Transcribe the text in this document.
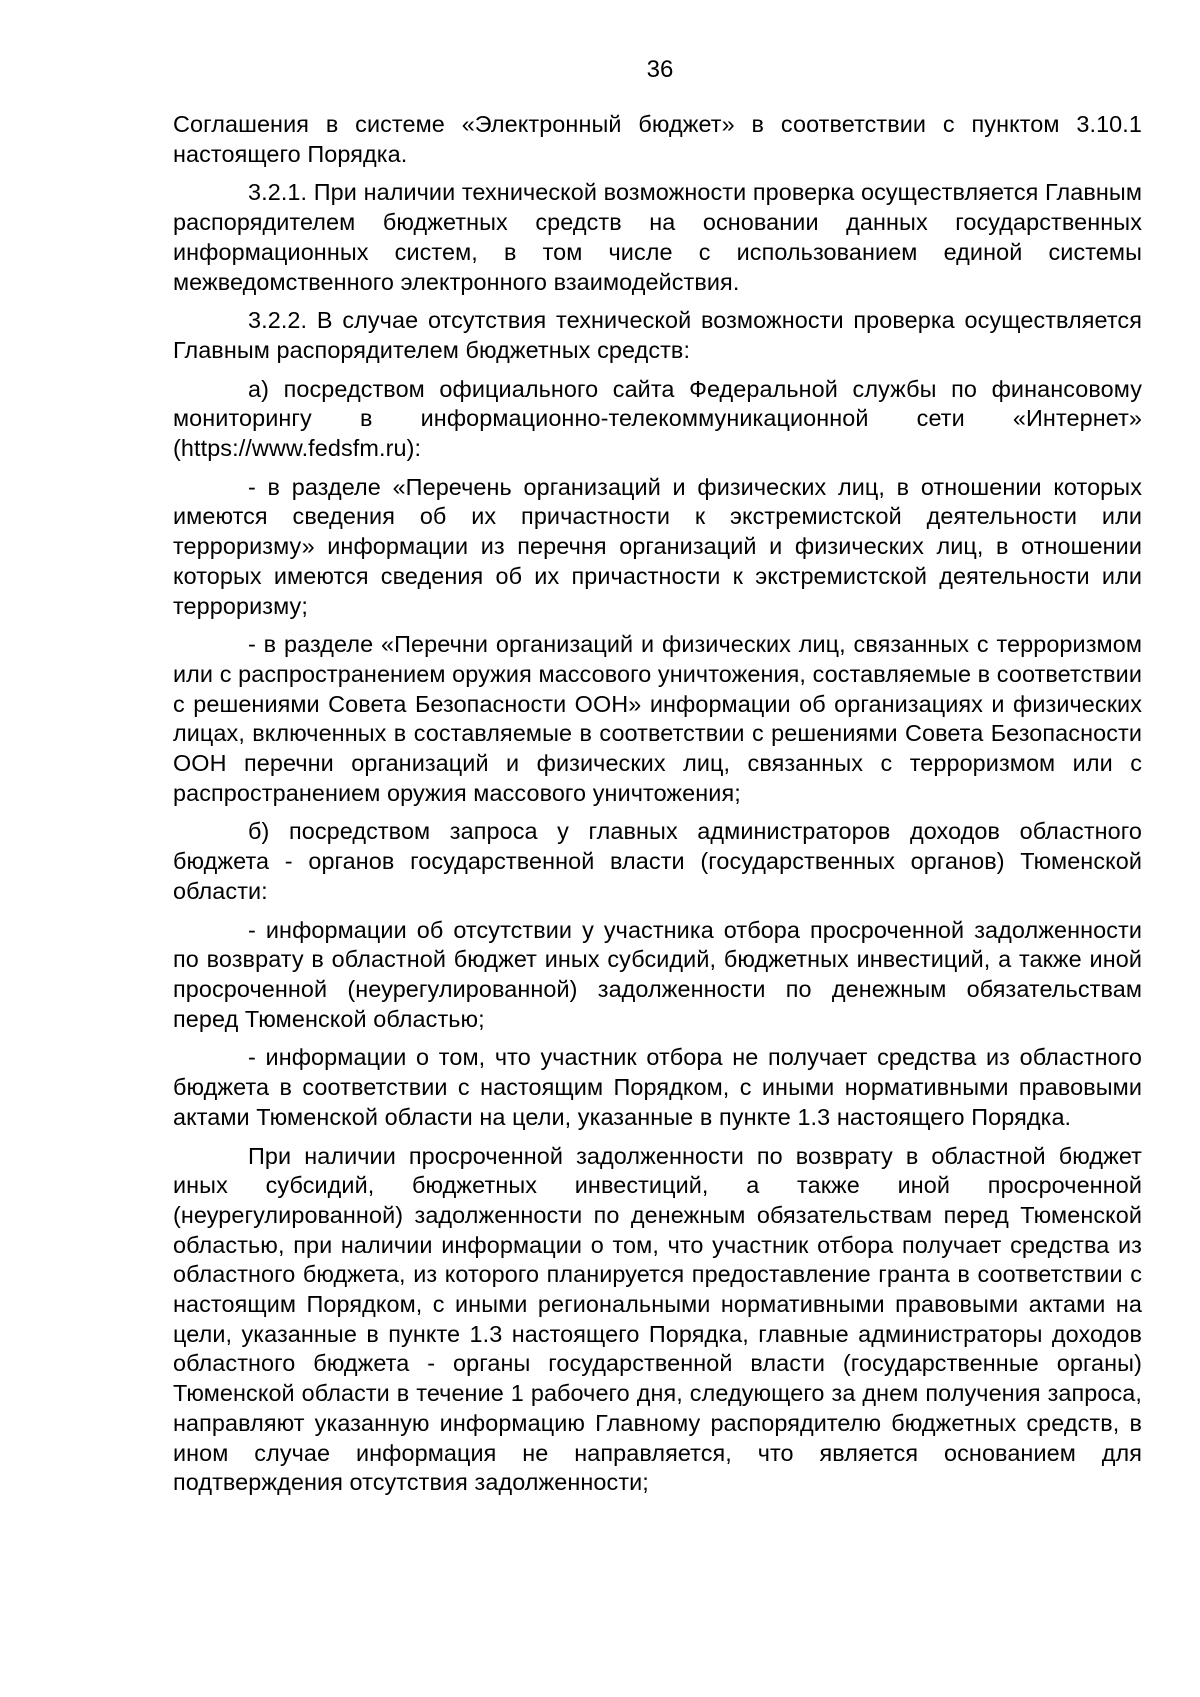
36

Соглашения в системе «Электронный бюджет» в соответствии с пунктом 3.10.1 настоящего Порядка.

3.2.1. При наличии технической возможности проверка осуществляется Главным распорядителем бюджетных средств на основании данных государственных информационных систем, в том числе с использованием единой системы межведомственного электронного взаимодействия.

3.2.2. В случае отсутствия технической возможности проверка осуществляется Главным распорядителем бюджетных средств:

а) посредством официального сайта Федеральной службы по финансовому мониторингу в информационно-телекоммуникационной сети «Интернет» (https://www.fedsfm.ru):

- в разделе «Перечень организаций и физических лиц, в отношении которых имеются сведения об их причастности к экстремистской деятельности или терроризму» информации из перечня организаций и физических лиц, в отношении которых имеются сведения об их причастности к экстремистской деятельности или терроризму;

- в разделе «Перечни организаций и физических лиц, связанных с терроризмом или с распространением оружия массового уничтожения, составляемые в соответствии с решениями Совета Безопасности ООН» информации об организациях и физических лицах, включенных в составляемые в соответствии с решениями Совета Безопасности ООН перечни организаций и физических лиц, связанных с терроризмом или с распространением оружия массового уничтожения;

б) посредством запроса у главных администраторов доходов областного бюджета - органов государственной власти (государственных органов) Тюменской области:

- информации об отсутствии у участника отбора просроченной задолженности по возврату в областной бюджет иных субсидий, бюджетных инвестиций, а также иной просроченной (неурегулированной) задолженности по денежным обязательствам перед Тюменской областью;

- информации о том, что участник отбора не получает средства из областного бюджета в соответствии с настоящим Порядком, с иными нормативными правовыми актами Тюменской области на цели, указанные в пункте 1.3 настоящего Порядка.

При наличии просроченной задолженности по возврату в областной бюджет иных субсидий, бюджетных инвестиций, а также иной просроченной (неурегулированной) задолженности по денежным обязательствам перед Тюменской областью, при наличии информации о том, что участник отбора получает средства из областного бюджета, из которого планируется предоставление гранта в соответствии с настоящим Порядком, с иными региональными нормативными правовыми актами на цели, указанные в пункте 1.3 настоящего Порядка, главные администраторы доходов областного бюджета - органы государственной власти (государственные органы) Тюменской области в течение 1 рабочего дня, следующего за днем получения запроса, направляют указанную информацию Главному распорядителю бюджетных средств, в ином случае информация не направляется, что является основанием для подтверждения отсутствия задолженности;
